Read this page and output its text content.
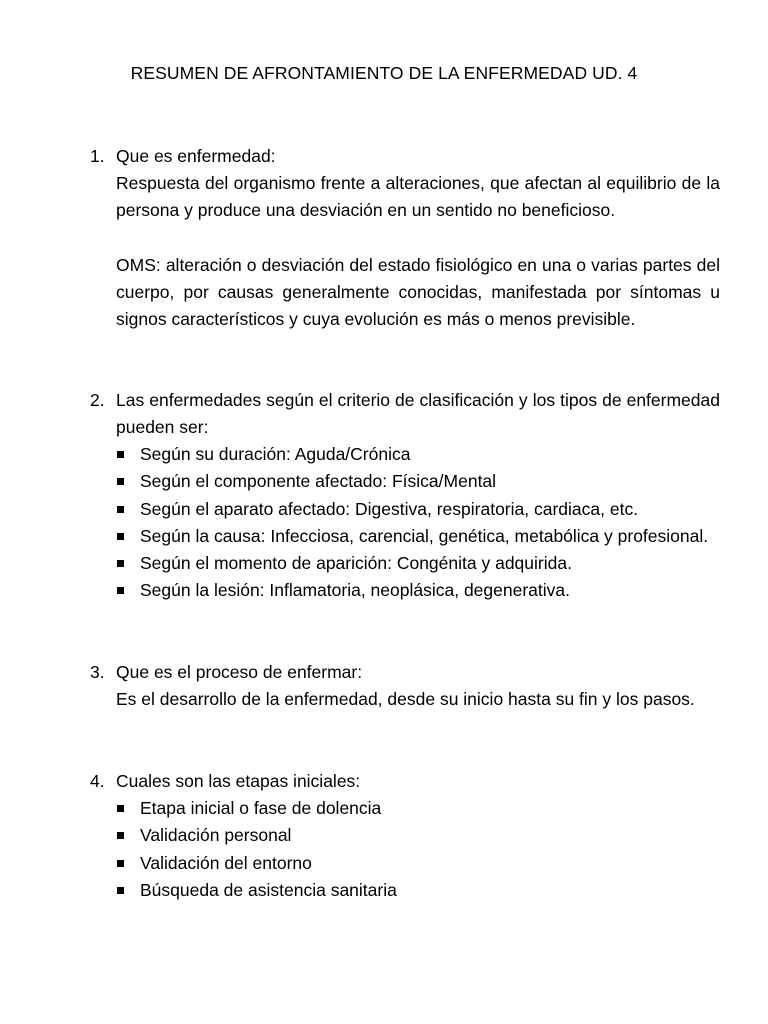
RESUMEN DE AFRONTAMIENTO DE LA ENFERMEDAD UD. 4
1. Que es enfermedad:
Respuesta del organismo frente a alteraciones, que afectan al equilibrio de la persona y produce una desviación en un sentido no beneficioso.
OMS: alteración o desviación del estado fisiológico en una o varias partes del cuerpo, por causas generalmente conocidas, manifestada por síntomas u signos característicos y cuya evolución es más o menos previsible.
2. Las enfermedades según el criterio de clasificación y los tipos de enfermedad pueden ser:
Según su duración: Aguda/Crónica
Según el componente afectado: Física/Mental
Según el aparato afectado: Digestiva, respiratoria, cardiaca, etc.
Según la causa: Infecciosa, carencial, genética, metabólica y profesional.
Según el momento de aparición: Congénita y adquirida.
Según la lesión: Inflamatoria, neoplásica, degenerativa.
3. Que es el proceso de enfermar:
Es el desarrollo de la enfermedad, desde su inicio hasta su fin y los pasos.
4. Cuales son las etapas iniciales:
Etapa inicial o fase de dolencia
Validación personal
Validación del entorno
Búsqueda de asistencia sanitaria
